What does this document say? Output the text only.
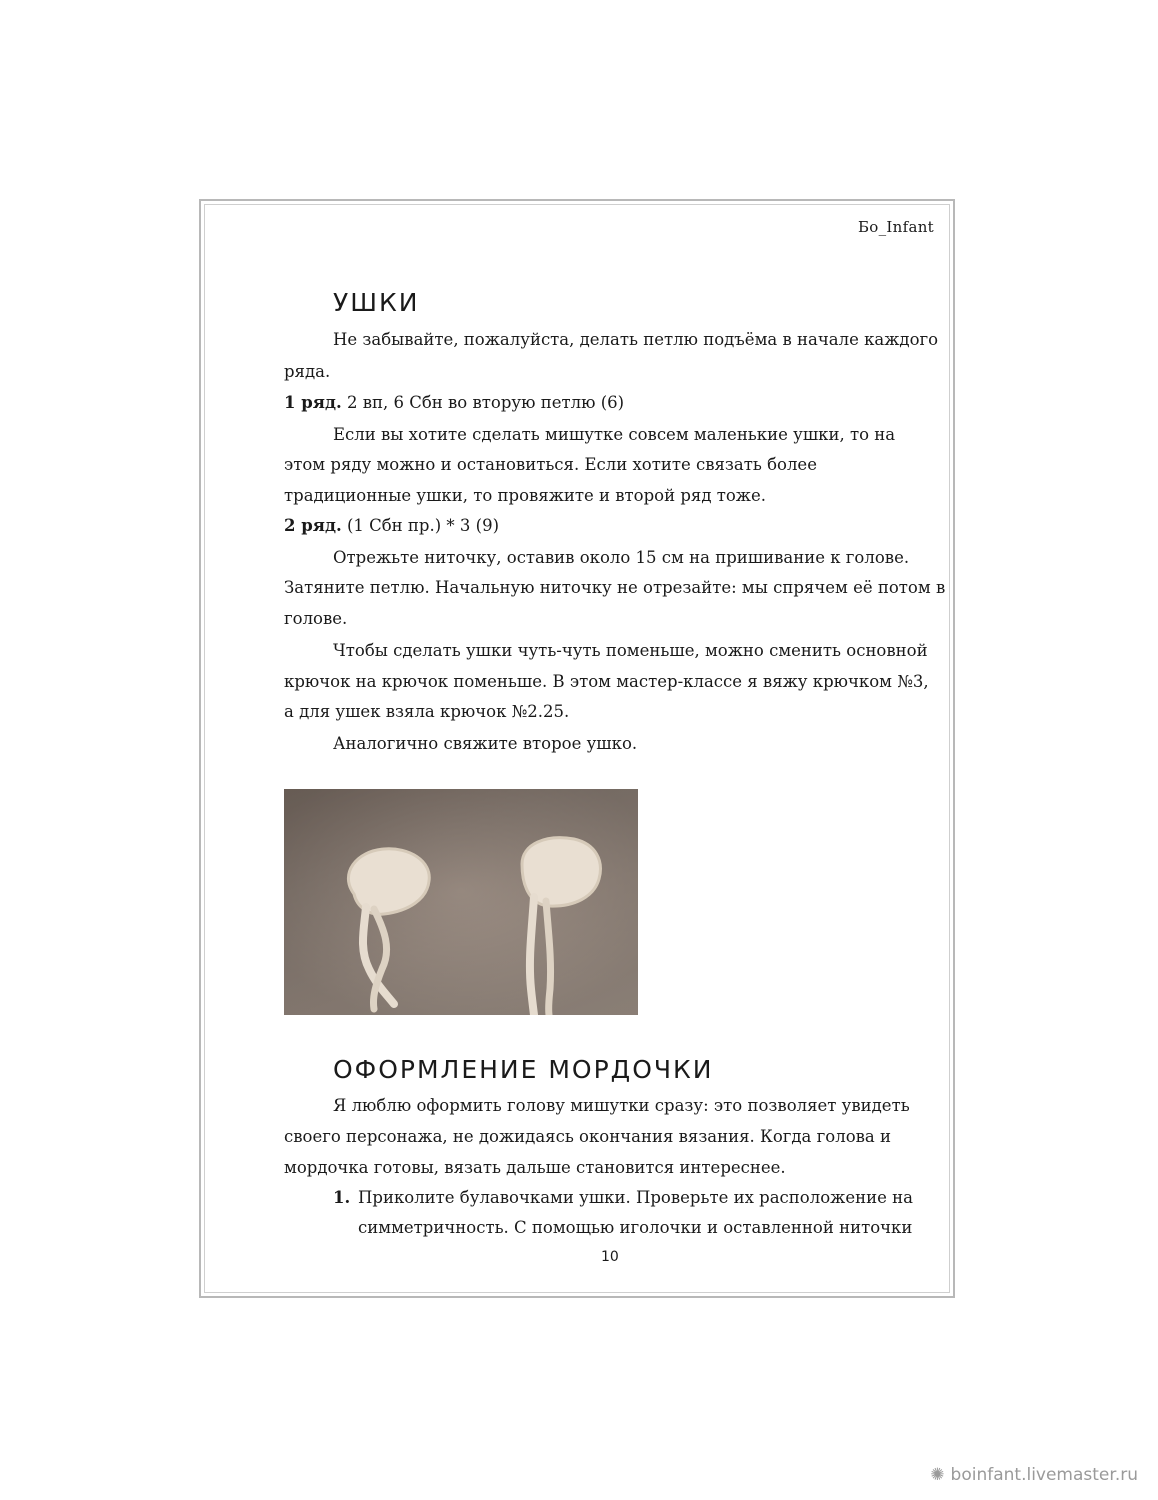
Бо_Infant
УШКИ
Не забывайте, пожалуйста, делать петлю подъёма в начале каждого
ряда.
1 ряд. 2 вп, 6 Сбн во вторую петлю (6)
Если вы хотите сделать мишутке совсем маленькие ушки, то на
этом ряду можно и остановиться. Если хотите связать более
традиционные ушки, то провяжите и второй ряд тоже.
2 ряд. (1 Сбн пр.) * 3 (9)
Отрежьте ниточку, оставив около 15 см на пришивание к голове.
Затяните петлю. Начальную ниточку не отрезайте: мы спрячем её потом в
голове.
Чтобы сделать ушки чуть-чуть поменьше, можно сменить основной
крючок на крючок поменьше. В этом мастер-классе я вяжу крючком №3,
а для ушек взяла крючок №2.25.
Аналогично свяжите второе ушко.
ОФОРМЛЕНИЕ МОРДОЧКИ
Я люблю оформить голову мишутки сразу: это позволяет увидеть
своего персонажа, не дожидаясь окончания вязания. Когда голова и
мордочка готовы, вязать дальше становится интереснее.
1. Приколите булавочками ушки. Проверьте их расположение на
симметричность. С помощью иголочки и оставленной ниточки
10
✺ boinfant.livemaster.ru
